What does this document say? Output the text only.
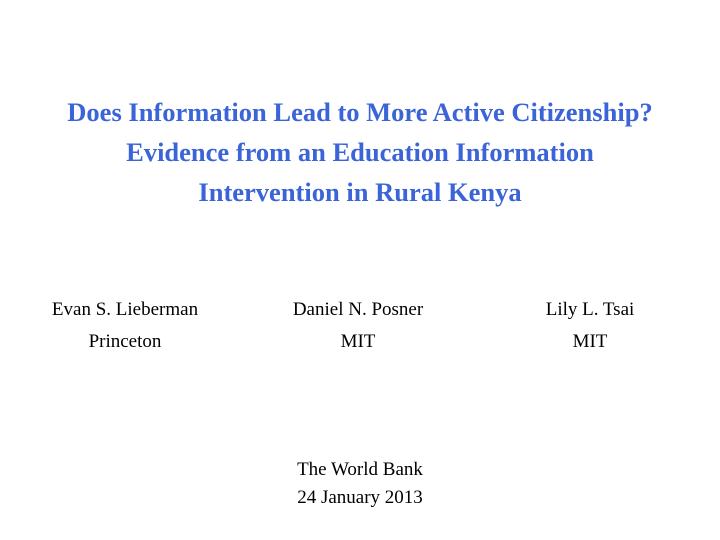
Does Information Lead to More Active Citizenship?
Evidence from an Education Information
Intervention in Rural Kenya
Evan S. Lieberman
Princeton
Daniel N. Posner
MIT
Lily L. Tsai
MIT
The World Bank
24 January 2013
